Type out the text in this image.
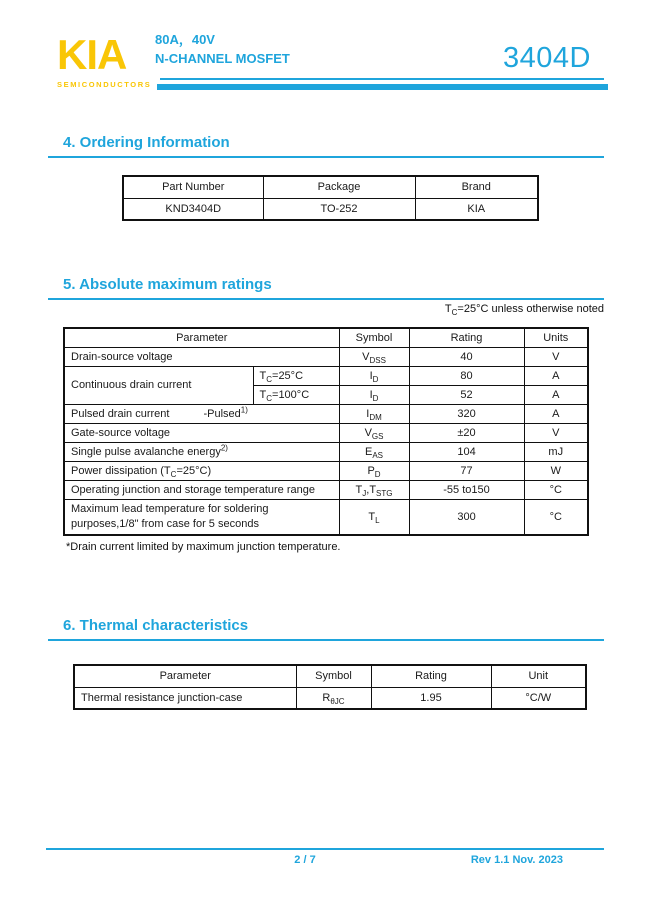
KIA
SEMICONDUCTORS
80A，40V
N-CHANNEL MOSFET	3404D
4. Ordering Information
Part Number	Package	Brand
KND3404D	TO-252	KIA
5. Absolute maximum ratings
$T_C=25^\circ C$ unless otherwise noted
Parameter		Symbol	Rating	Units
Drain-source voltage		$V_{DSS}$	40	V
Continuous drain current	$T_C=25^\circ C$	$I_D$	80	A
	$T_C=100^\circ C$	$I_D$	52	A
Pulsed drain current -Pulsed$^{1)}$		$I_{DM}$	320	A
Gate-source voltage		$V_{GS}$	±20	V
Single pulse avalanche energy$^{2)}$		$E_{AS}$	104	mJ
Power dissipation $(T_C=25^\circ C)$		$P_D$	77	W
Operating junction and storage temperature range		$T_J,T_{STG}$	-55 to150	°C
Maximum lead temperature for soldering purposes,1/8" from case for 5 seconds		$T_L$	300	°C
*Drain current limited by maximum junction temperature.
6. Thermal characteristics
Parameter	Symbol	Rating	Unit
Thermal resistance junction-case	$R_{\theta JC}$	1.95	°C/W
2 / 7	Rev 1.1 Nov. 2023
